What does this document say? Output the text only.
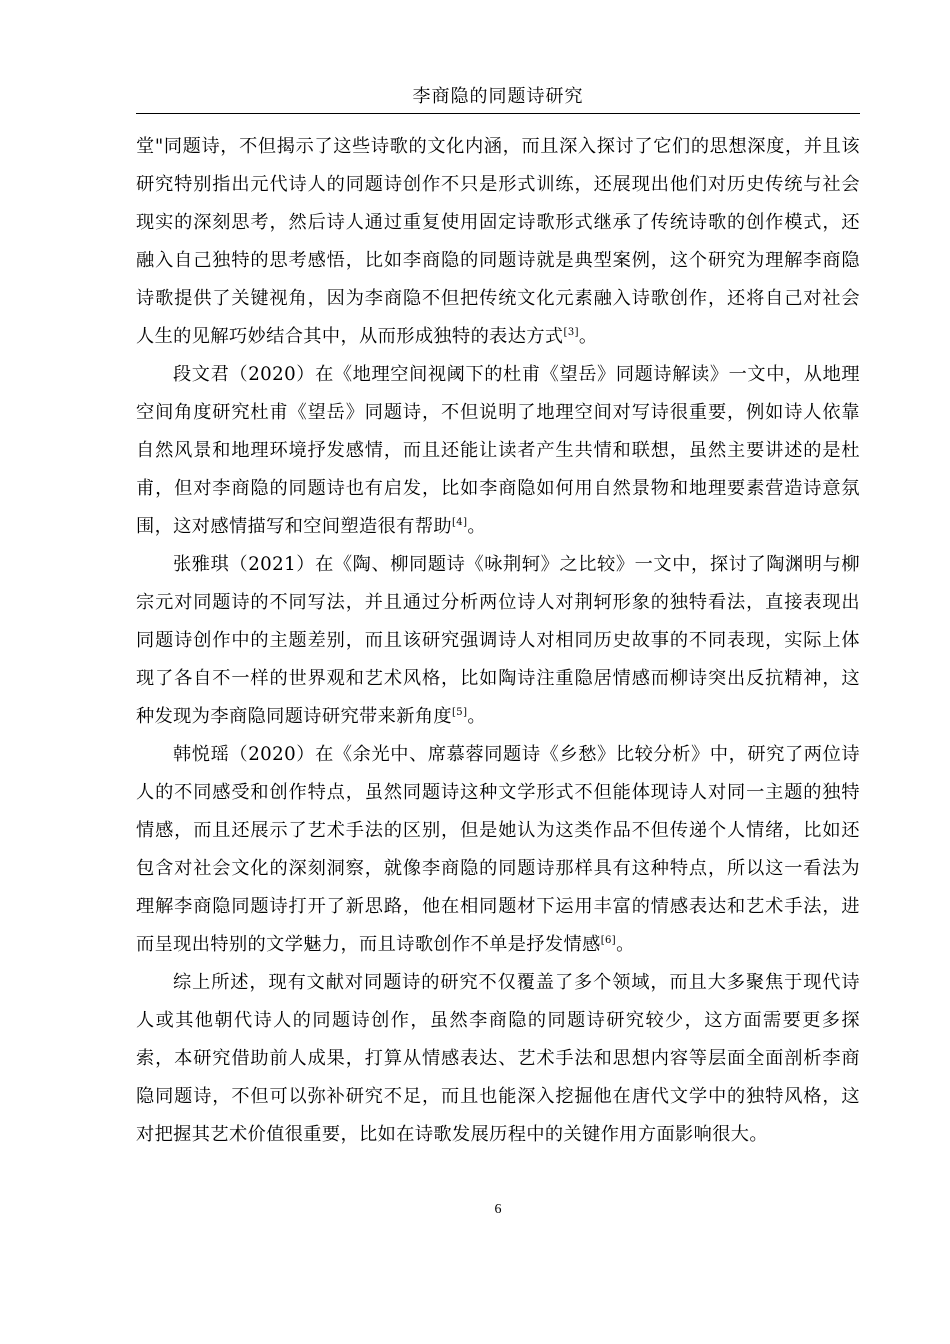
李商隐的同题诗研究

堂"同题诗，不但揭示了这些诗歌的文化内涵，而且深入探讨了它们的思想深度，并且该研究特别指出元代诗人的同题诗创作不只是形式训练，还展现出他们对历史传统与社会现实的深刻思考，然后诗人通过重复使用固定诗歌形式继承了传统诗歌的创作模式，还融入自己独特的思考感悟，比如李商隐的同题诗就是典型案例，这个研究为理解李商隐诗歌提供了关键视角，因为李商隐不但把传统文化元素融入诗歌创作，还将自己对社会人生的见解巧妙结合其中，从而形成独特的表达方式[3]。

段文君（2020）在《地理空间视阈下的杜甫《望岳》同题诗解读》一文中，从地理空间角度研究杜甫《望岳》同题诗，不但说明了地理空间对写诗很重要，例如诗人依靠自然风景和地理环境抒发感情，而且还能让读者产生共情和联想，虽然主要讲述的是杜甫，但对李商隐的同题诗也有启发，比如李商隐如何用自然景物和地理要素营造诗意氛围，这对感情描写和空间塑造很有帮助[4]。

张雅琪（2021）在《陶、柳同题诗《咏荆轲》之比较》一文中，探讨了陶渊明与柳宗元对同题诗的不同写法，并且通过分析两位诗人对荆轲形象的独特看法，直接表现出同题诗创作中的主题差别，而且该研究强调诗人对相同历史故事的不同表现，实际上体现了各自不一样的世界观和艺术风格，比如陶诗注重隐居情感而柳诗突出反抗精神，这种发现为李商隐同题诗研究带来新角度[5]。

韩悦瑶（2020）在《余光中、席慕蓉同题诗《乡愁》比较分析》中，研究了两位诗人的不同感受和创作特点，虽然同题诗这种文学形式不但能体现诗人对同一主题的独特情感，而且还展示了艺术手法的区别，但是她认为这类作品不但传递个人情绪，比如还包含对社会文化的深刻洞察，就像李商隐的同题诗那样具有这种特点，所以这一看法为理解李商隐同题诗打开了新思路，他在相同题材下运用丰富的情感表达和艺术手法，进而呈现出特别的文学魅力，而且诗歌创作不单是抒发情感[6]。

综上所述，现有文献对同题诗的研究不仅覆盖了多个领域，而且大多聚焦于现代诗人或其他朝代诗人的同题诗创作，虽然李商隐的同题诗研究较少，这方面需要更多探索，本研究借助前人成果，打算从情感表达、艺术手法和思想内容等层面全面剖析李商隐同题诗，不但可以弥补研究不足，而且也能深入挖掘他在唐代文学中的独特风格，这对把握其艺术价值很重要，比如在诗歌发展历程中的关键作用方面影响很大。

6
